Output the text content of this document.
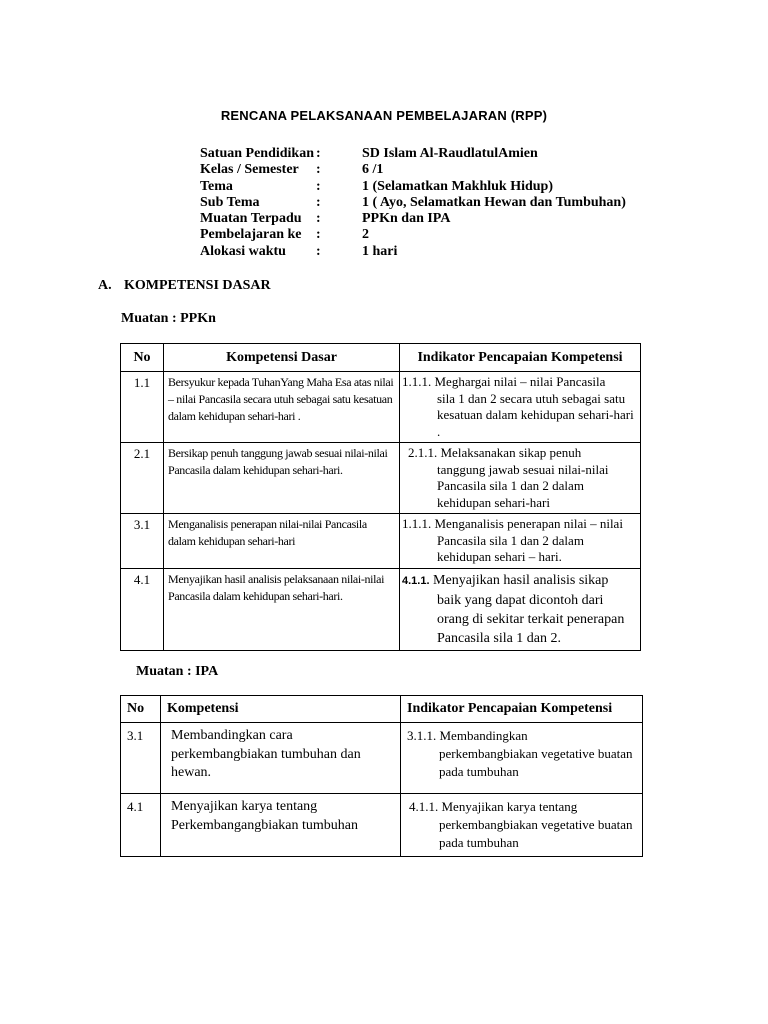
RENCANA PELAKSANAAN PEMBELAJARAN (RPP)
Satuan Pendidikan :	SD Islam Al-RaudlatulAmien
Kelas / Semester	:	6 /1
Tema	:	1 (Selamatkan Makhluk Hidup)
Sub Tema	:	1 ( Ayo, Selamatkan Hewan dan Tumbuhan)
Muatan Terpadu	:	PPKn dan IPA
Pembelajaran ke	:	2
Alokasi waktu	:	1 hari
A. KOMPETENSI DASAR
Muatan : PPKn
No	Kompetensi Dasar	Indikator Pencapaian Kompetensi
1.1	Bersyukur kepada TuhanYang Maha Esa atas nilai – nilai Pancasila secara utuh sebagai satu kesatuan dalam kehidupan sehari-hari .	1.1.1. Meghargai nilai – nilai Pancasila
sila 1 dan 2 secara utuh sebagai satu kesatuan dalam kehidupan sehari-hari .

2.1	Bersikap penuh tanggung jawab sesuai nilai-nilai Pancasila dalam kehidupan sehari-hari.	2.1.1. Melaksanakan sikap penuh
tanggung jawab sesuai nilai-nilai Pancasila sila 1 dan 2 dalam kehidupan sehari-hari

3.1	Menganalisis penerapan nilai-nilai Pancasila dalam kehidupan sehari-hari	1.1.1. Menganalisis penerapan nilai – nilai
Pancasila sila 1 dan 2 dalam kehidupan sehari – hari.

4.1	Menyajikan hasil analisis pelaksanaan nilai-nilai Pancasila dalam kehidupan sehari-hari.	4.1.1. Menyajikan hasil analisis sikap
baik yang dapat dicontoh dari orang di sekitar terkait penerapan Pancasila sila 1 dan 2.
Muatan : IPA
No	Kompetensi	Indikator Pencapaian Kompetensi
3.1	Membandingkan cara perkembangbiakan tumbuhan dan hewan.	3.1.1. Membandingkan
perkembangbiakan vegetative buatan pada tumbuhan

4.1	Menyajikan karya tentang Perkembangangbiakan tumbuhan	4.1.1. Menyajikan karya tentang
perkembangbiakan vegetative buatan pada tumbuhan
